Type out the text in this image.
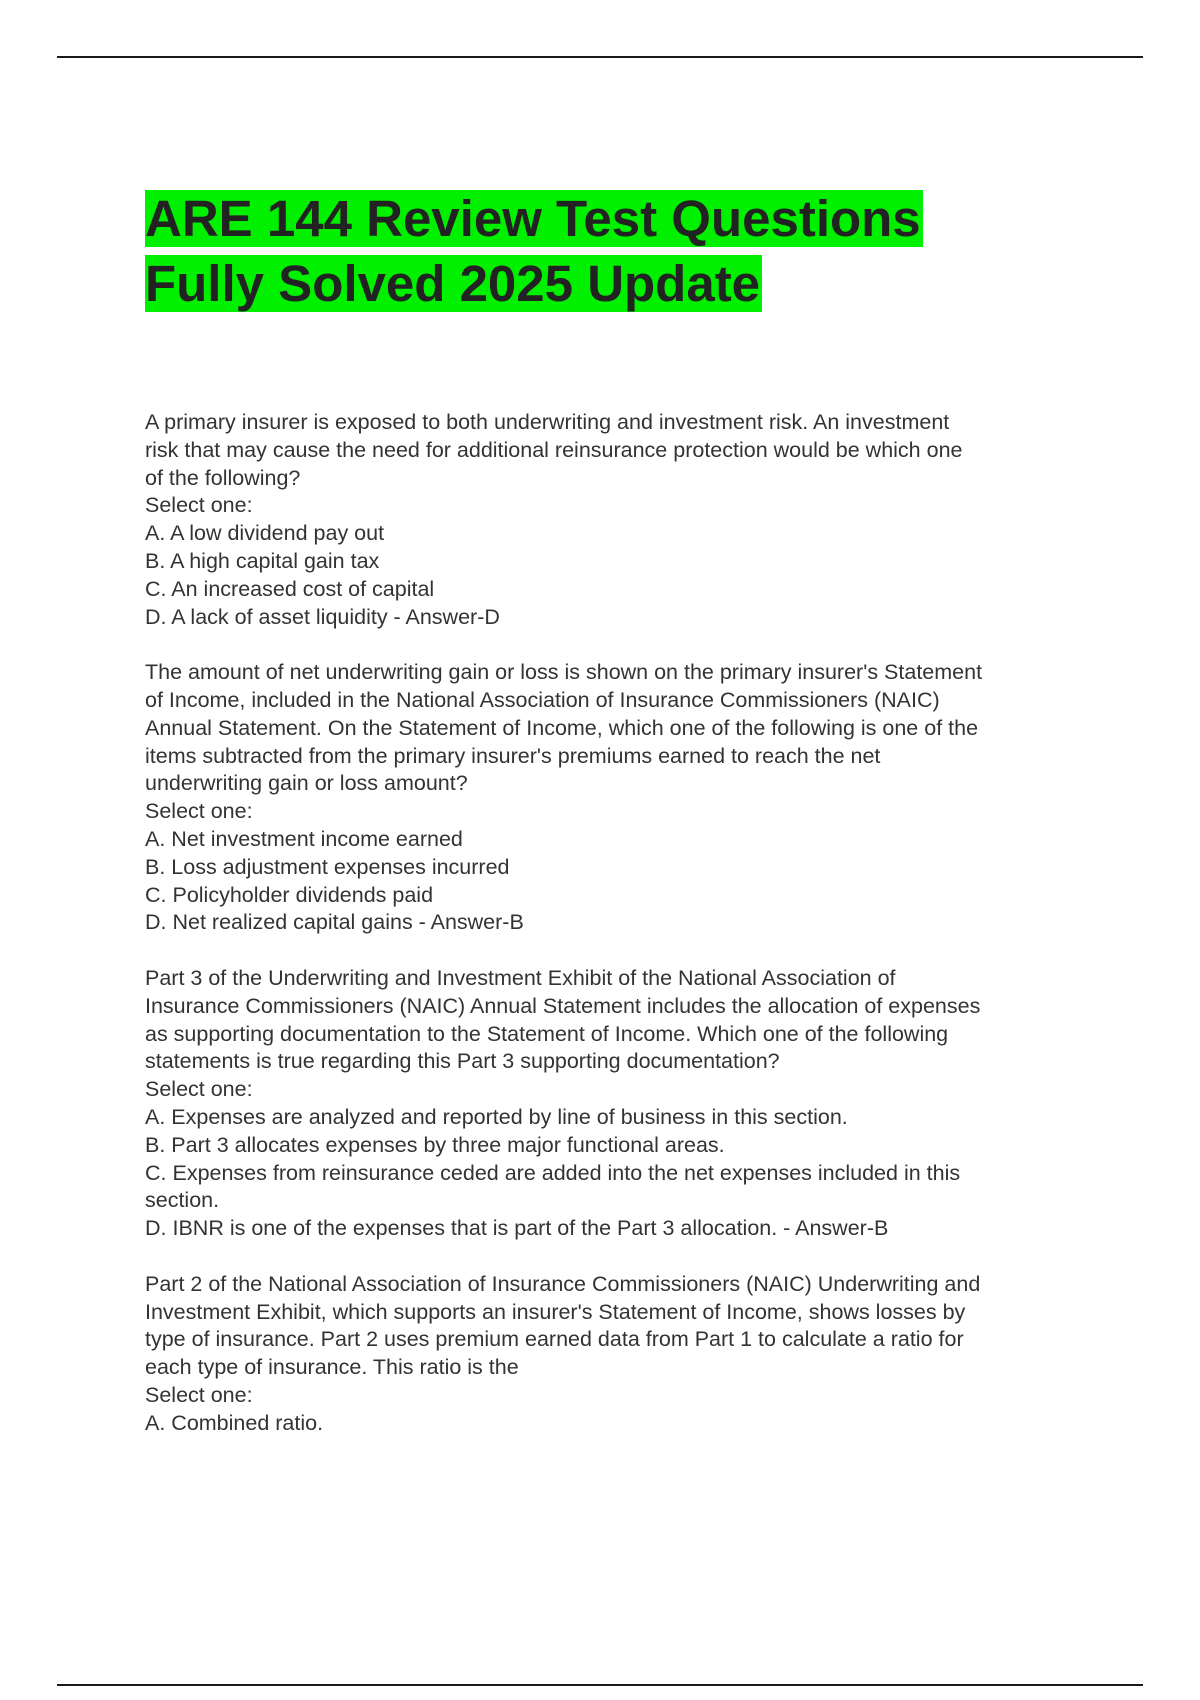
ARE 144 Review Test Questions
Fully Solved 2025 Update
A primary insurer is exposed to both underwriting and investment risk. An investment
risk that may cause the need for additional reinsurance protection would be which one
of the following?
Select one:
A. A low dividend pay out
B. A high capital gain tax
C. An increased cost of capital
D. A lack of asset liquidity - Answer-D
The amount of net underwriting gain or loss is shown on the primary insurer's Statement
of Income, included in the National Association of Insurance Commissioners (NAIC)
Annual Statement. On the Statement of Income, which one of the following is one of the
items subtracted from the primary insurer's premiums earned to reach the net
underwriting gain or loss amount?
Select one:
A. Net investment income earned
B. Loss adjustment expenses incurred
C. Policyholder dividends paid
D. Net realized capital gains - Answer-B
Part 3 of the Underwriting and Investment Exhibit of the National Association of
Insurance Commissioners (NAIC) Annual Statement includes the allocation of expenses
as supporting documentation to the Statement of Income. Which one of the following
statements is true regarding this Part 3 supporting documentation?
Select one:
A. Expenses are analyzed and reported by line of business in this section.
B. Part 3 allocates expenses by three major functional areas.
C. Expenses from reinsurance ceded are added into the net expenses included in this
section.
D. IBNR is one of the expenses that is part of the Part 3 allocation. - Answer-B
Part 2 of the National Association of Insurance Commissioners (NAIC) Underwriting and
Investment Exhibit, which supports an insurer's Statement of Income, shows losses by
type of insurance. Part 2 uses premium earned data from Part 1 to calculate a ratio for
each type of insurance. This ratio is the
Select one:
A. Combined ratio.
